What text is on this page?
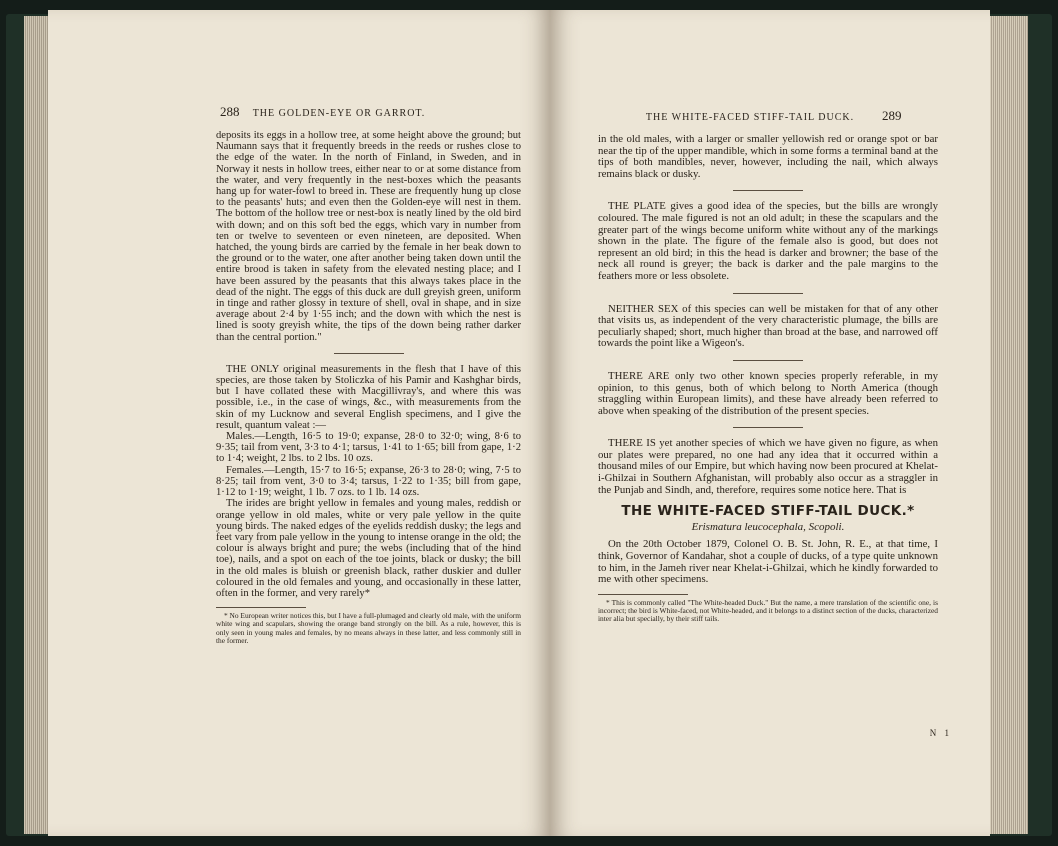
288	THE GOLDEN-EYE OR GARROT.

deposits its eggs in a hollow tree, at some height above the ground; but Naumann says that it frequently breeds in the reeds or rushes close to the edge of the water. In the north of Finland, in Sweden, and in Norway it nests in hollow trees, either near to or at some distance from the water, and very frequently in the nest-boxes which the peasants hang up for water-fowl to breed in. These are frequently hung up close to the peasants' huts; and even then the Golden-eye will nest in them. The bottom of the hollow tree or nest-box is neatly lined by the old bird with down; and on this soft bed the eggs, which vary in number from ten or twelve to seventeen or even nineteen, are deposited. When hatched, the young birds are carried by the female in her beak down to the ground or to the water, one after another being taken down until the entire brood is taken in safety from the elevated nesting place; and I have been assured by the peasants that this always takes place in the dead of the night. The eggs of this duck are dull greyish green, uniform in tinge and rather glossy in texture of shell, oval in shape, and in size average about 2·4 by 1·55 inch; and the down with which the nest is lined is sooty greyish white, the tips of the down being rather darker than the central portion."

THE ONLY original measurements in the flesh that I have of this species, are those taken by Stoliczka of his Pamir and Kashghar birds, but I have collated these with Macgillivray's, and where this was possible, i.e., in the case of wings, &c., with measurements from the skin of my Lucknow and several English specimens, and I give the result, quantum valeat :—

Males.—Length, 16·5 to 19·0; expanse, 28·0 to 32·0; wing, 8·6 to 9·35; tail from vent, 3·3 to 4·1; tarsus, 1·41 to 1·65; bill from gape, 1·2 to 1·4; weight, 2 lbs. to 2 lbs. 10 ozs.

Females.—Length, 15·7 to 16·5; expanse, 26·3 to 28·0; wing, 7·5 to 8·25; tail from vent, 3·0 to 3·4; tarsus, 1·22 to 1·35; bill from gape, 1·12 to 1·19; weight, 1 lb. 7 ozs. to 1 lb. 14 ozs.

The irides are bright yellow in females and young males, reddish or orange yellow in old males, white or very pale yellow in the quite young birds. The naked edges of the eyelids reddish dusky; the legs and feet vary from pale yellow in the young to intense orange in the old; the colour is always bright and pure; the webs (including that of the hind toe), nails, and a spot on each of the toe joints, black or dusky; the bill in the old males is bluish or greenish black, rather duskier and duller coloured in the old females and young, and occasionally in these latter, often in the former, and very rarely*

* No European writer notices this, but I have a full-plumaged and clearly old male, with the uniform white wing and scapulars, showing the orange band strongly on the bill. As a rule, however, this is only seen in young males and females, by no means always in these latter, and less commonly still in the former.

THE WHITE-FACED STIFF-TAIL DUCK.	289

in the old males, with a larger or smaller yellowish red or orange spot or bar near the tip of the upper mandible, which in some forms a terminal band at the tips of both mandibles, never, however, including the nail, which always remains black or dusky.

THE PLATE gives a good idea of the species, but the bills are wrongly coloured. The male figured is not an old adult; in these the scapulars and the greater part of the wings become uniform white without any of the markings shown in the plate. The figure of the female also is good, but does not represent an old bird; in this the head is darker and browner; the base of the neck all round is greyer; the back is darker and the pale margins to the feathers more or less obsolete.

NEITHER SEX of this species can well be mistaken for that of any other that visits us, as independent of the very characteristic plumage, the bills are peculiarly shaped; short, much higher than broad at the base, and narrowed off towards the point like a Wigeon's.

THERE ARE only two other known species properly referable, in my opinion, to this genus, both of which belong to North America (though straggling within European limits), and these have already been referred to above when speaking of the distribution of the present species.

THERE IS yet another species of which we have given no figure, as when our plates were prepared, no one had any idea that it occurred within a thousand miles of our Empire, but which having now been procured at Khelat-i-Ghilzai in Southern Afghanistan, will probably also occur as a straggler in the Punjab and Sindh, and, therefore, requires some notice here. That is

THE WHITE-FACED STIFF-TAIL DUCK.*

Erismatura leucocephala, Scopoli.

On the 20th October 1879, Colonel O. B. St. John, R. E., at that time, I think, Governor of Kandahar, shot a couple of ducks, of a type quite unknown to him, in the Jameh river near Khelat-i-Ghilzai, which he kindly forwarded to me with other specimens.

* This is commonly called "The White-headed Duck." But the name, a mere translation of the scientific one, is incorrect; the bird is White-faced, not White-headed, and it belongs to a distinct section of the ducks, characterized inter alia but specially, by their stiff tails.

N 1
